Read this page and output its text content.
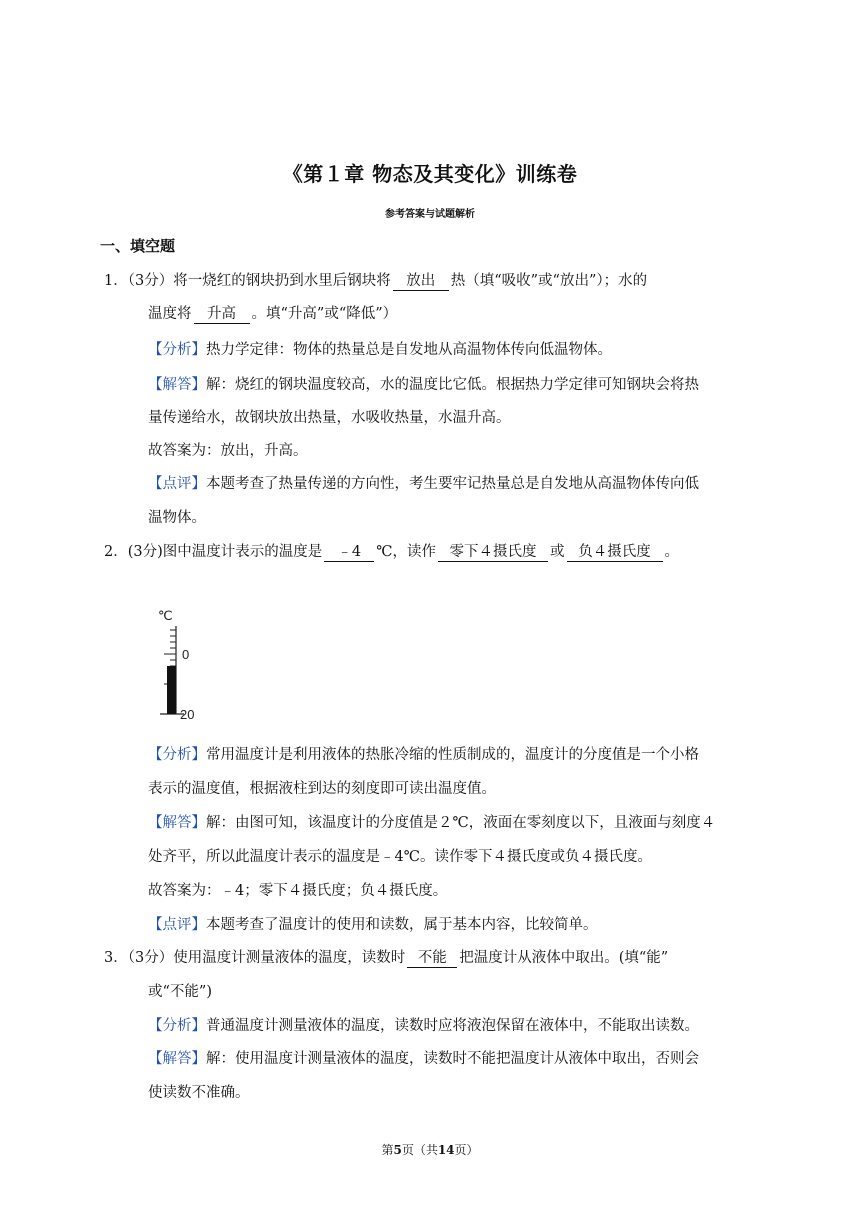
《第１章 物态及其变化》训练卷
参考答案与试题解析
一、填空题
1．（3分）将一烧红的钢块扔到水里后钢块将 放出 热（填“吸收”或“放出”）；水的
温度将 升高 。填“升高”或“降低”）
【分析】热力学定律：物体的热量总是自发地从高温物体传向低温物体。
【解答】解：烧红的钢块温度较高，水的温度比它低。根据热力学定律可知钢块会将热
量传递给水，故钢块放出热量，水吸收热量，水温升高。
故答案为：放出，升高。
【点评】本题考查了热量传递的方向性，考生要牢记热量总是自发地从高温物体传向低
温物体。
2．(3分)图中温度计表示的温度是 ﹣4 ℃，读作 零下４摄氏度 或 负４摄氏度 。
℃
0
20
【分析】常用温度计是利用液体的热胀冷缩的性质制成的，温度计的分度值是一个小格
表示的温度值，根据液柱到达的刻度即可读出温度值。
【解答】解：由图可知，该温度计的分度值是２℃，液面在零刻度以下，且液面与刻度４
处齐平，所以此温度计表示的温度是﹣4℃。读作零下４摄氏度或负４摄氏度。
故答案为：﹣4；零下４摄氏度；负４摄氏度。
【点评】本题考查了温度计的使用和读数，属于基本内容，比较简单。
3．（3分）使用温度计测量液体的温度，读数时 不能 把温度计从液体中取出。(填“能”
或“不能”)
【分析】普通温度计测量液体的温度，读数时应将液泡保留在液体中，不能取出读数。
【解答】解：使用温度计测量液体的温度，读数时不能把温度计从液体中取出，否则会
使读数不准确。
第5页（共14页）
